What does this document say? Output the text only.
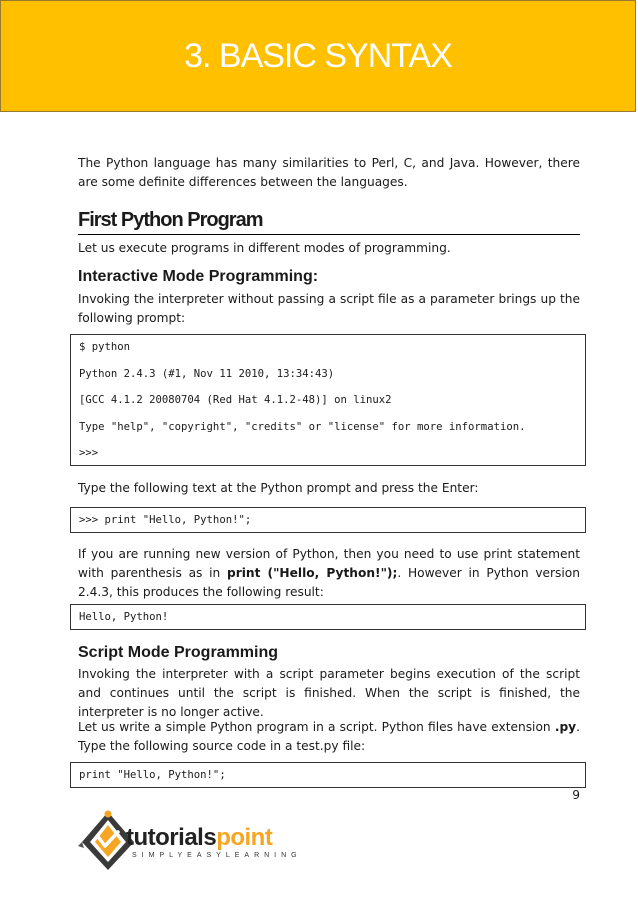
3. BASIC SYNTAX

The Python language has many similarities to Perl, C, and Java. However, there are some definite differences between the languages.

First Python Program

Let us execute programs in different modes of programming.

Interactive Mode Programming:

Invoking the interpreter without passing a script file as a parameter brings up the following prompt:

$ python
Python 2.4.3 (#1, Nov 11 2010, 13:34:43)
[GCC 4.1.2 20080704 (Red Hat 4.1.2-48)] on linux2
Type "help", "copyright", "credits" or "license" for more information.
>>>

Type the following text at the Python prompt and press the Enter:

>>> print "Hello, Python!";

If you are running new version of Python, then you need to use print statement with parenthesis as in print ("Hello, Python!");. However in Python version 2.4.3, this produces the following result:

Hello, Python!
Script Mode Programming

Invoking the interpreter with a script parameter begins execution of the script and continues until the script is finished. When the script is finished, the interpreter is no longer active.

Let us write a simple Python program in a script. Python files have extension .py. Type the following source code in a test.py file:

print "Hello, Python!";
9
tutorialspoint
SIMPLYEASYLEARNING
